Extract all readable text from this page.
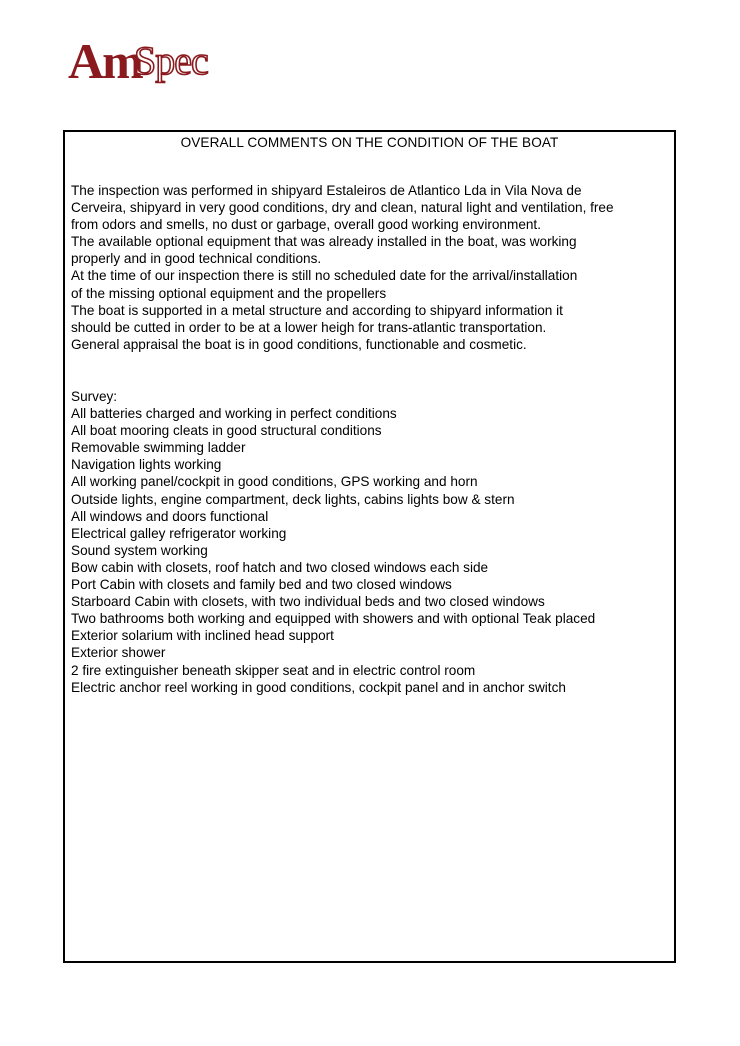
Am
Spec
OVERALL COMMENTS ON THE CONDITION OF THE BOAT
The inspection was performed in shipyard Estaleiros de Atlantico Lda in Vila Nova de
Cerveira, shipyard in very good conditions, dry and clean, natural light and ventilation, free
from odors and smells, no dust or garbage, overall good working environment.
The available optional equipment that was already installed in the boat, was working
properly and in good technical conditions.
At the time of our inspection there is still no scheduled date for the arrival/installation
of the missing optional equipment and the propellers
The boat is supported in a metal structure and according to shipyard information it
should be cutted in order to be at a lower heigh for trans-atlantic transportation.
General appraisal the boat is in good conditions, functionable and cosmetic.
Survey:
All batteries charged and working in perfect conditions
All boat mooring cleats in good structural conditions
Removable swimming ladder
Navigation lights working
All working panel/cockpit in good conditions, GPS working and horn
Outside lights, engine compartment, deck lights, cabins lights bow & stern
All windows and doors functional
Electrical galley refrigerator working
Sound system working
Bow cabin with closets, roof hatch and two closed windows each side
Port Cabin with closets and family bed and two closed windows
Starboard Cabin with closets, with two individual beds and two closed windows
Two bathrooms both working and equipped with showers and with optional Teak placed
Exterior solarium with inclined head support
Exterior shower
2 fire extinguisher beneath skipper seat and in electric control room
Electric anchor reel working in good conditions, cockpit panel and in anchor switch
